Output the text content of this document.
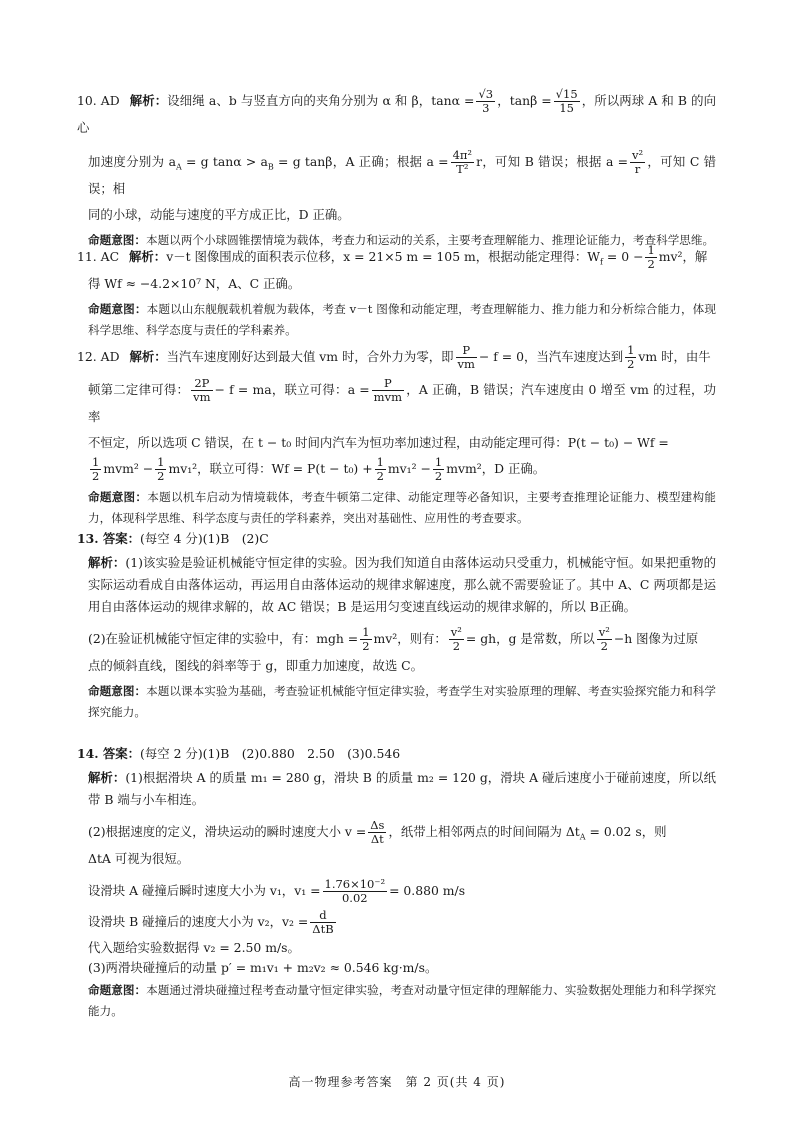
10. AD 解析：设细绳 a、b 与竖直方向的夹角分别为 α 和 β，$\tan\alpha = \frac{√3}{3}$ ，$\tan\beta = \frac{√15}{15}$ ，所以两球 A 和 B 的向心

加速度分别为 $a_A = g$ $\tan\alpha > a_B = g$ tanβ，A 正确；根据 $a = \frac{\text{4π²}}{\text{T²}}$ r，可知 B 错误；根据 $a = \frac{\text{v²}}{r}$ ，可知 C 错误；相

同的小球，动能与速度的平方成正比，D 正确。

命题意图：本题以两个小球圆锥摆情境为载体，考查力和运动的关系，主要考查理解能力、推理论证能力，考查科学思维。

11. AC 解析：v－t 图像围成的面积表示位移，x = 21×5 m = 105 m，根据动能定理得：$W_f = 0 - \frac{1}{2} mv^2$，解

得 Wf ≈ −4.2×10⁷ N，A、C 正确。

命题意图：本题以山东舰舰载机着舰为载体，考查 v－t 图像和动能定理，考查理解能力、推力能力和分析综合能力，体现科学思维、科学态度与责任的学科素养。

12. AD 解析：当汽车速度刚好达到最大值 vm 时，合外力为零，即 $\frac{P}{vm} - f = 0$，当汽车速度达到 $\frac{1}{2}$ vm 时，由牛

顿第二定律可得： $\frac{2P}{vm} - f$ = ma，联立可得：$a = \frac{P}{\text{mvm}}$ ，A 正确，B 错误；汽车速度由 0 增至 vm 的过程，功率

不恒定，所以选项 C 错误，在 t − t₀ 时间内汽车为恒功率加速过程，由动能定理可得：P(t − t₀) − Wf =

$\frac{1}{2} mvm^2 - \frac{1}{2} mv_1^2$，联立可得：$Wf = P(t - t_0) + \frac{1}{2} mv_1^2 - \frac{1}{2} mvm^2$，D 正确。

命题意图：本题以机车启动为情境载体，考查牛顿第二定律、动能定理等必备知识，主要考查推理论证能力、模型建构能力，体现科学思维、科学态度与责任的学科素养，突出对基础性、应用性的考查要求。

13. 答案：(每空 4 分)(1)B　(2)C

解析：(1)该实验是验证机械能守恒定律的实验。因为我们知道自由落体运动只受重力，机械能守恒。如果把重物的实际运动看成自由落体运动，再运用自由落体运动的规律求解速度，那么就不需要验证了。其中 A、C 两项都是运用自由落体运动的规律求解的，故 AC 错误；B 是运用匀变速直线运动的规律求解的，所以 B正确。

(2)在验证机械能守恒定律的实验中，有：mgh = $\frac{1}{2} mv^2$，则有： $\frac{\text{v²}}{2}$ = gh，g 是常数，所以 $\frac{\text{v²}}{2} -h$ 图像为过原

点的倾斜直线，图线的斜率等于 g，即重力加速度，故选 C。

命题意图：本题以课本实验为基础，考查验证机械能守恒定律实验，考查学生对实验原理的理解、考查实验探究能力和科学探究能力。

14. 答案：(每空 2 分)(1)B　(2)0.880　2.50　(3)0.546

解析：(1)根据滑块 A 的质量 m₁ = 280 g，滑块 B 的质量 m₂ = 120 g，滑块 A 碰后速度小于碰前速度，所以纸带 B 端与小车相连。

(2)根据速度的定义，滑块运动的瞬时速度大小 $v = \frac{\Delta s}{\Delta t}$ ，纸带上相邻两点的时间间隔为 $\Delta t_A = 0.02$ s，则

ΔtA 可视为很短。

设滑块 A 碰撞后瞬时速度大小为 v₁，$v_1 = \frac{\text{1.76×10⁻²}}{0.02} = 0.880$ m/s

设滑块 B 碰撞后的速度大小为 v₂，$v_2 = \frac{d}{\text{ΔtB}}$

代入题给实验数据得 v₂ = 2.50 m/s。

(3)两滑块碰撞后的动量 p′ = m₁v₁ + m₂v₂ ≈ 0.546 kg·m/s。

命题意图：本题通过滑块碰撞过程考查动量守恒定律实验，考查对动量守恒定律的理解能力、实验数据处理能力和科学探究能力。

高一物理参考答案　第 2 页(共 4 页)
